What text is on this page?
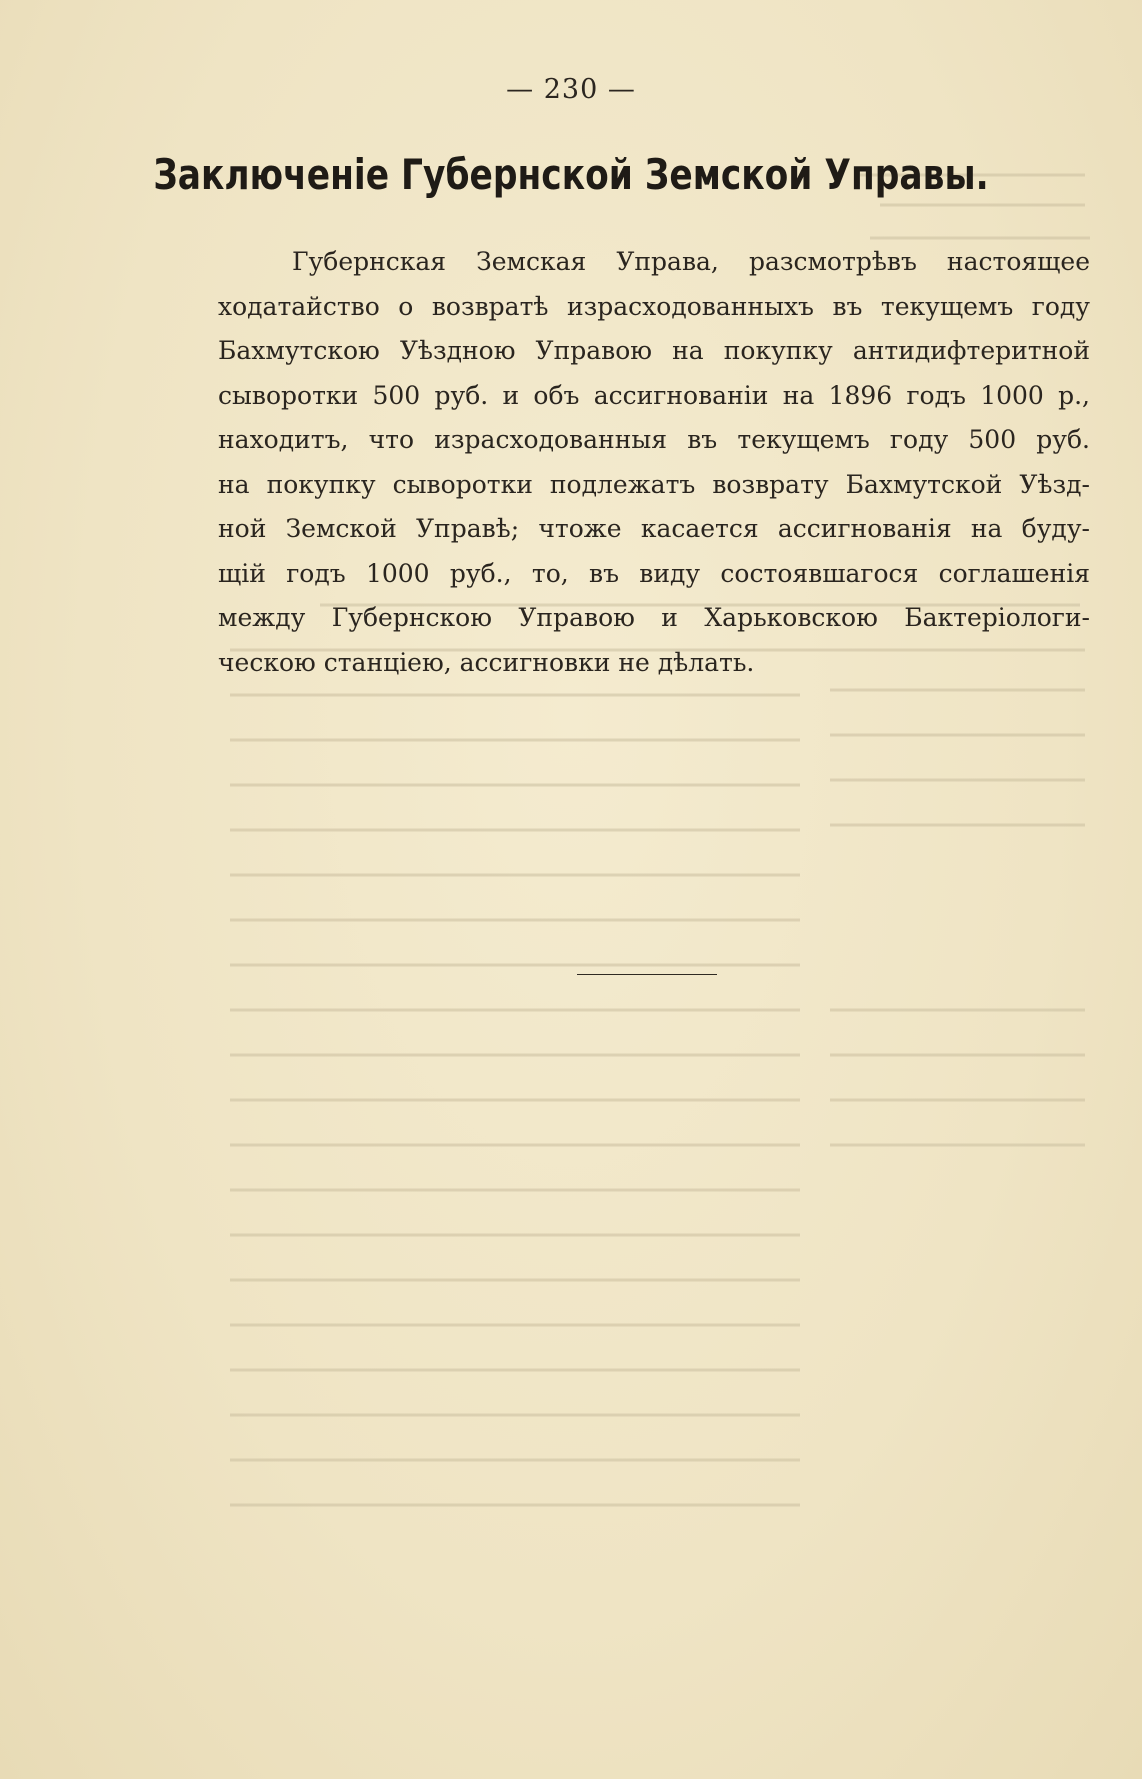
— 230 —
Заключеніе Губернской Земской Управы.
Губернская Земская Управа, разсмотрѣвъ настоящее
ходатайство о возвратѣ израсходованныхъ въ текущемъ году
Бахмутскою Уѣздною Управою на покупку антидифтеритной
сыворотки 500 руб. и объ ассигнованіи на 1896 годъ 1000 р.,
находитъ, что израсходованныя въ текущемъ году 500 руб.
на покупку сыворотки подлежатъ возврату Бахмутской Уѣзд-
ной Земской Управѣ; чтоже касается ассигнованія на буду-
щій годъ 1000 руб., то, въ виду состоявшагося соглашенія
между Губернскою Управою и Харьковскою Бактеріологи-
ческою станціею, ассигновки не дѣлать.
